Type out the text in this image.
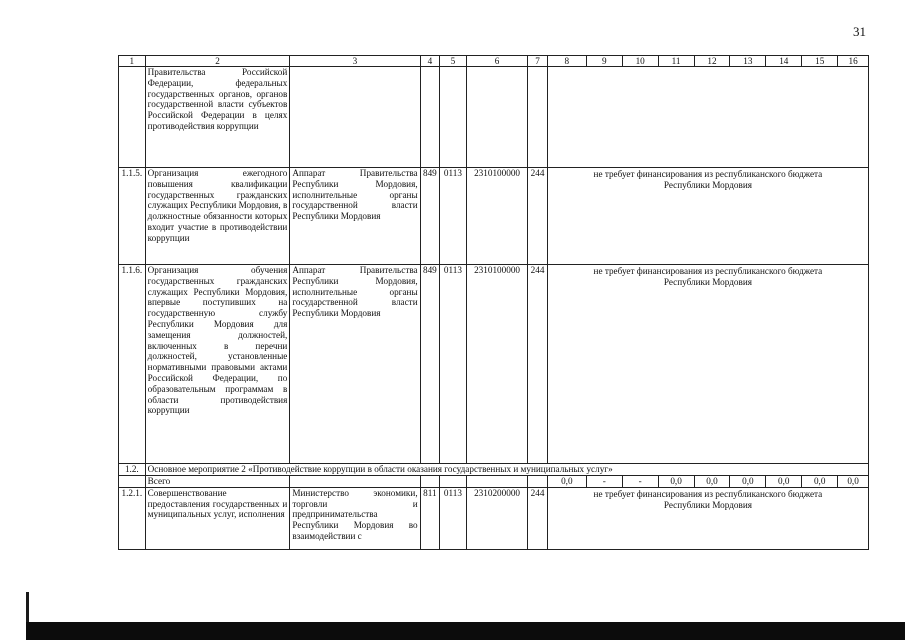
31
1	2	3	4	5	6	7	8	9	10	11	12	13	14	15	16
	Правительства Российской Федерации, федеральных государственных органов, органов государственной власти субъектов Российской Федерации в целях противодействия коррупции														
1.1.5.	Организация ежегодного повышения квалификации государственных гражданских служащих Республики Мордовия, в должностные обязанности которых входит участие в противодействии коррупции	Аппарат Правительства Республики Мордовия, исполнительные органы государственной власти Республики Мордовия	849	0113	2310100000	244	не требует финансирования из республиканского бюджета
Республики Мордовия								
1.1.6.	Организация обучения государственных гражданских служащих Республики Мордовия, впервые поступивших на государственную службу Республики Мордовия для замещения должностей, включенных в перечни должностей, установленные нормативными правовыми актами Российской Федерации, по образовательным программам в области противодействия коррупции	Аппарат Правительства Республики Мордовия, исполнительные органы государственной власти Республики Мордовия	849	0113	2310100000	244	не требует финансирования из республиканского бюджета
Республики Мордовия								
1.2.	Основное мероприятие 2 «Противодействие коррупции в области оказания государственных и муниципальных услуг»														
	Всего						0,0	-	-	0,0	0,0	0,0	0,0	0,0	0,0
1.2.1.	Совершенствование предоставления государственных и муниципальных услуг, исполнения	Министерство экономики, торговли и предпринимательства Республики Мордовия во взаимодействии с	811	0113	2310200000	244	не требует финансирования из республиканского бюджета
Республики Мордовия								
